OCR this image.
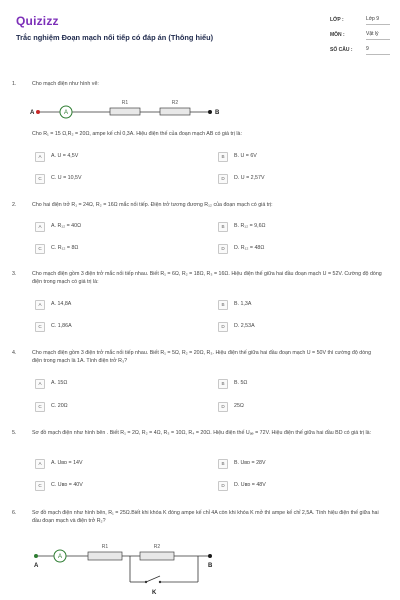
Quizizz
Trắc nghiệm Đoạn mạch nối tiếp có đáp án (Thông hiểu)
LỚP :	Lớp 9
MÔN :	Vật lý
SỐ CÂU :	9
1.	Cho mạch điện như hình vẽ:
A
R1	R2
A	B
Cho R₁ = 15 Ω,R₂ = 20Ω, ampe kế chỉ 0,3A. Hiệu điện thế của đoạn mạch AB có giá trị là:
A	A. U = 4,5V	B	B. U = 6V
C	C. U = 10,5V	D	D. U = 2,57V
2.	Cho hai điện trở R₁ = 24Ω, R₂ = 16Ω mắc nối tiếp. Điện trở tương đương R₁₂ của đoạn mạch có giá trị:
A	A. R₁₂ = 40Ω	B	B. R₁₂ = 9,6Ω
C	C. R₁₂ = 8Ω	D	D. R₁₂ = 48Ω
3.	Cho mạch điện gồm 3 điện trở mắc nối tiếp nhau. Biết R₁ = 6Ω, R₂ = 18Ω, R₃ = 16Ω. Hiệu điện thế giữa hai đầu đoạn mạch U = 52V. Cường độ dòng điện trong mạch có giá trị là:
A	A. 14,8A	B	B. 1,3A
C	C. 1,86A	D	D. 2,53A
4.	Cho mạch điện gồm 3 điện trở mắc nối tiếp nhau. Biết R₁ = 5Ω, R₂ = 20Ω, R₃. Hiệu điện thế giữa hai đầu đoạn mạch U = 50V thì cường độ dòng điện trong mạch là 1A. Tính điện trở R₃?
A	A. 15Ω	B	B. 5Ω
C	C. 20Ω	D	25Ω
5.	Sơ đồ mạch điện như hình bên . Biết R₁ = 2Ω, R₂ = 4Ω, R₃ = 10Ω, R₄ = 20Ω. Hiệu điện thế Uₐₑ = 72V. Hiệu điện thế giữa hai đầu BD có giá trị là:
A	A. Uʙᴅ = 14V	B	B. Uʙᴅ = 28V
C	C. Uʙᴅ = 40V	D	D. Uʙᴅ = 48V
6.	Sơ đồ mạch điện như hình bên, R₁ = 25Ω.Biết khi khóa K đóng ampe kế chỉ 4A còn khi khóa K mở thì ampe kế chỉ 2,5A. Tính hiệu điện thế giữa hai đầu đoạn mạch và điện trở R₂?
A
R1	R2
K
A	B
